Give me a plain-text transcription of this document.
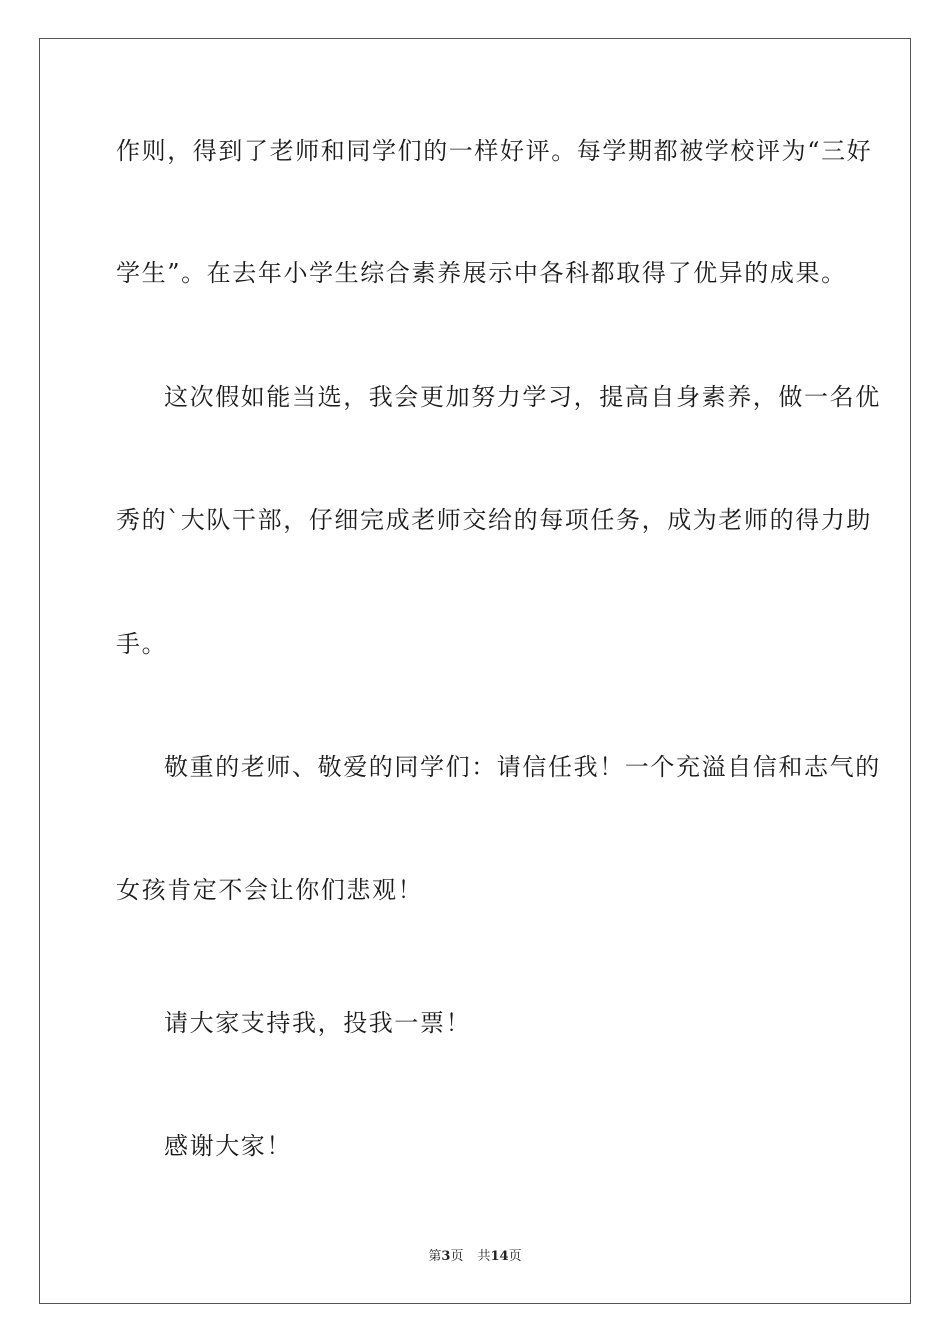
作则，得到了老师和同学们的一样好评。每学期都被学校评为“三好
学生”。在去年小学生综合素养展示中各科都取得了优异的成果。
这次假如能当选，我会更加努力学习，提高自身素养，做一名优
秀的`大队干部，仔细完成老师交给的每项任务，成为老师的得力助
手。
敬重的老师、敬爱的同学们：请信任我！一个充溢自信和志气的
女孩肯定不会让你们悲观！
请大家支持我，投我一票！
感谢大家！
第3页 共14页
